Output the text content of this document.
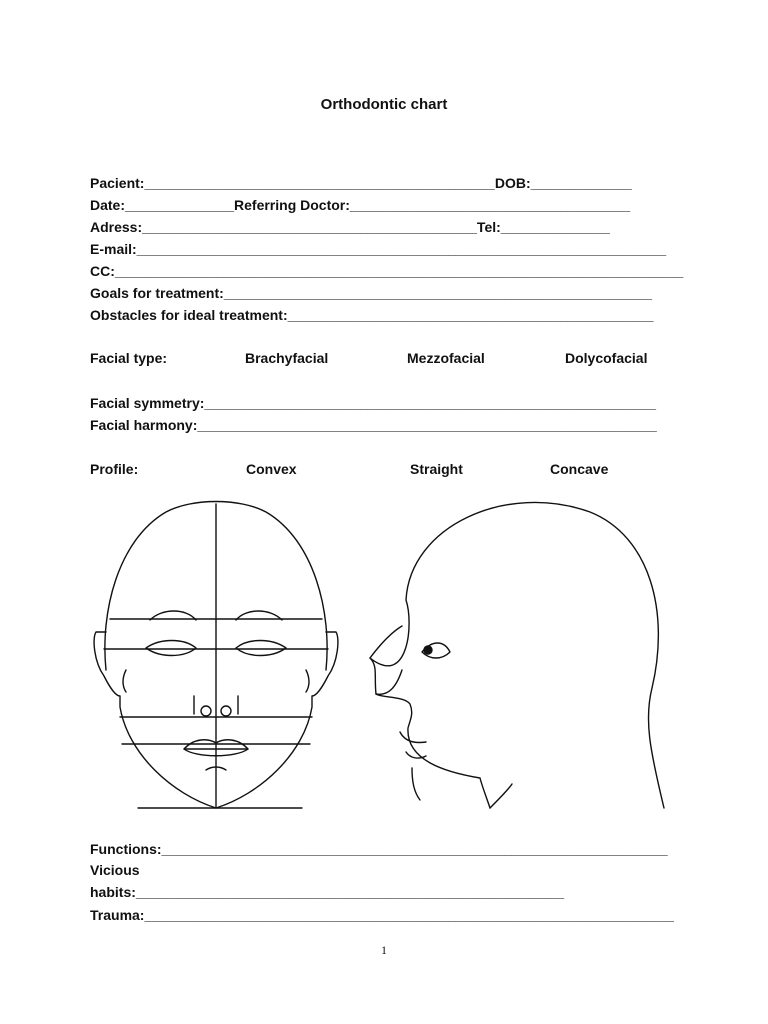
Orthodontic chart
Pacient:_____________________________________________DOB:_____________
Date:______________Referring Doctor:____________________________________
Adress:___________________________________________Tel:______________
E-mail:____________________________________________________________________
CC:_________________________________________________________________________
Goals for treatment:_______________________________________________________
Obstacles for ideal treatment:_______________________________________________
Facial type:	Brachyfacial	Mezzofacial	Dolycofacial
Facial symmetry:__________________________________________________________
Facial harmony:___________________________________________________________
Profile:	Convex	Straight	Concave
Functions:_________________________________________________________________
Vicious
habits:_______________________________________________________
Trauma:____________________________________________________________________
1
